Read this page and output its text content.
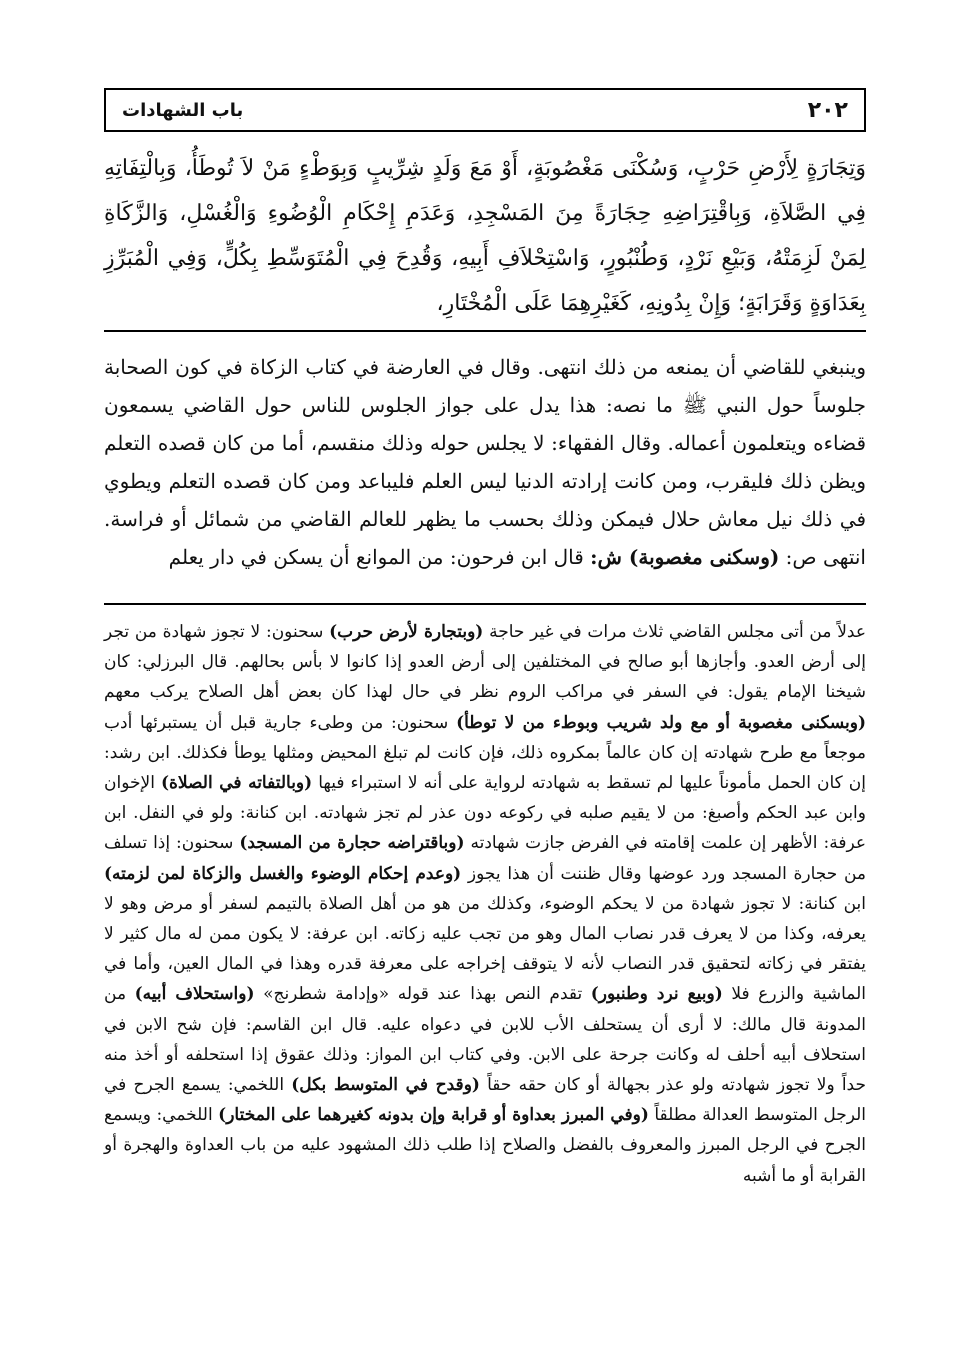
باب الشهادات	٢٠٢
وَتِجَارَةٍ لِأَرْضِ حَرْبٍ، وَسُكْنَى مَغْصُوبَةٍ، أَوْ مَعَ وَلَدٍ شِرِّيبٍ وَبِوَطْءٍ مَنْ لاَ تُوطَأُ، وَبِالْتِفَاتِهِ فِي الصَّلاَةِ، وَبِاقْتِرَاضِهِ حِجَارَةً مِنَ المَسْجِدِ، وَعَدَمِ إِحْكَامِ الْوُضُوءِ وَالْغُسْلِ، وَالزَّكَاةِ لِمَنْ لَزِمَتْهُ، وَبَيْعِ نَرْدٍ، وَطُنْبُورٍ، وَاسْتِحْلاَفِ أَبِيهِ، وَقُدِحَ فِي الْمُتَوَسِّطِ بِكُلٍّ، وَفِي الْمُبَرِّزِ بِعَدَاوَةٍ وَقَرَابَةٍ؛ وَإِنْ بِدُونِهِ، كَغَيْرِهِمَا عَلَى الْمُخْتَارِ،
وينبغي للقاضي أن يمنعه من ذلك انتهى. وقال في العارضة في كتاب الزكاة في كون الصحابة جلوساً حول النبي ﷺ ما نصه: هذا يدل على جواز الجلوس للناس حول القاضي يسمعون قضاءه ويتعلمون أعماله. وقال الفقهاء: لا يجلس حوله وذلك منقسم، أما من كان قصده التعلم ويظن ذلك فليقرب، ومن كانت إرادته الدنيا ليس العلم فليباعد ومن كان قصده التعلم ويطوي في ذلك نيل معاش حلال فيمكن وذلك بحسب ما يظهر للعالم القاضي من شمائل أو فراسة. انتهى ص: (وسكنى مغصوبة) ش: قال ابن فرحون: من الموانع أن يسكن في دار يعلم
عدلاً من أتى مجلس القاضي ثلاث مرات في غير حاجة (وبتجارة لأرض حرب) سحنون: لا تجوز شهادة من تجر إلى أرض العدو. وأجازها أبو صالح في المختلفين إلى أرض العدو إذا كانوا لا بأس بحالهم. قال البرزلي: كان شيخنا الإمام يقول: في السفر في مراكب الروم نظر في حال لهذا كان بعض أهل الصلاح يركب معهم (وبسكنى مغصوبة أو مع ولد شريب وبوطء من لا توطأ) سحنون: من وطىء جارية قبل أن يستبرئها أدب موجعاً مع طرح شهادته إن كان عالماً بمكروه ذلك، فإن كانت لم تبلغ المحيض ومثلها يوطأ فكذلك. ابن رشد: إن كان الحمل مأموناً عليها لم تسقط به شهادته لرواية على أنه لا استبراء فيها (وبالتفاته في الصلاة) الإخوان وابن عبد الحكم وأصبغ: من لا يقيم صلبه في ركوعه دون عذر لم تجز شهادته. ابن كنانة: ولو في النفل. ابن عرفة: الأظهر إن علمت إقامته في الفرض جازت شهادته (وباقتراضه حجارة من المسجد) سحنون: إذا تسلف من حجارة المسجد ورد عوضها وقال ظننت أن هذا يجوز (وعدم إحكام الوضوء والغسل والزكاة لمن لزمته) ابن كنانة: لا تجوز شهادة من لا يحكم الوضوء، وكذلك من هو من أهل الصلاة بالتيمم لسفر أو مرض وهو لا يعرفه، وكذا من لا يعرف قدر نصاب المال وهو من تجب عليه زكاته. ابن عرفة: لا يكون ممن له مال كثير لا يفتقر في زكاته لتحقيق قدر النصاب لأنه لا يتوقف إخراجه على معرفة قدره وهذا في المال العين، وأما في الماشية والزرع فلا (وبيع نرد وطنبور) تقدم النص بهذا عند قوله «وإدامة شطرنج» (واستحلاف أبيه) من المدونة قال مالك: لا أرى أن يستحلف الأب للابن في دعواه عليه. قال ابن القاسم: فإن شح الابن في استحلاف أبيه أحلف له وكانت جرحة على الابن. وفي كتاب ابن المواز: وذلك عقوق إذا استحلفه أو أخذ منه حداً ولا تجوز شهادته ولو عذر بجهالة أو كان حقه حقاً (وقدح في المتوسط بكل) اللخمي: يسمع الجرح في الرجل المتوسط العدالة مطلقاً (وفي المبرز بعداوة أو قرابة وإن بدونه كغيرهما على المختار) اللخمي: ويسمع الجرح في الرجل المبرز والمعروف بالفضل والصلاح إذا طلب ذلك المشهود عليه من باب العداوة والهجرة أو القرابة أو ما أشبه
